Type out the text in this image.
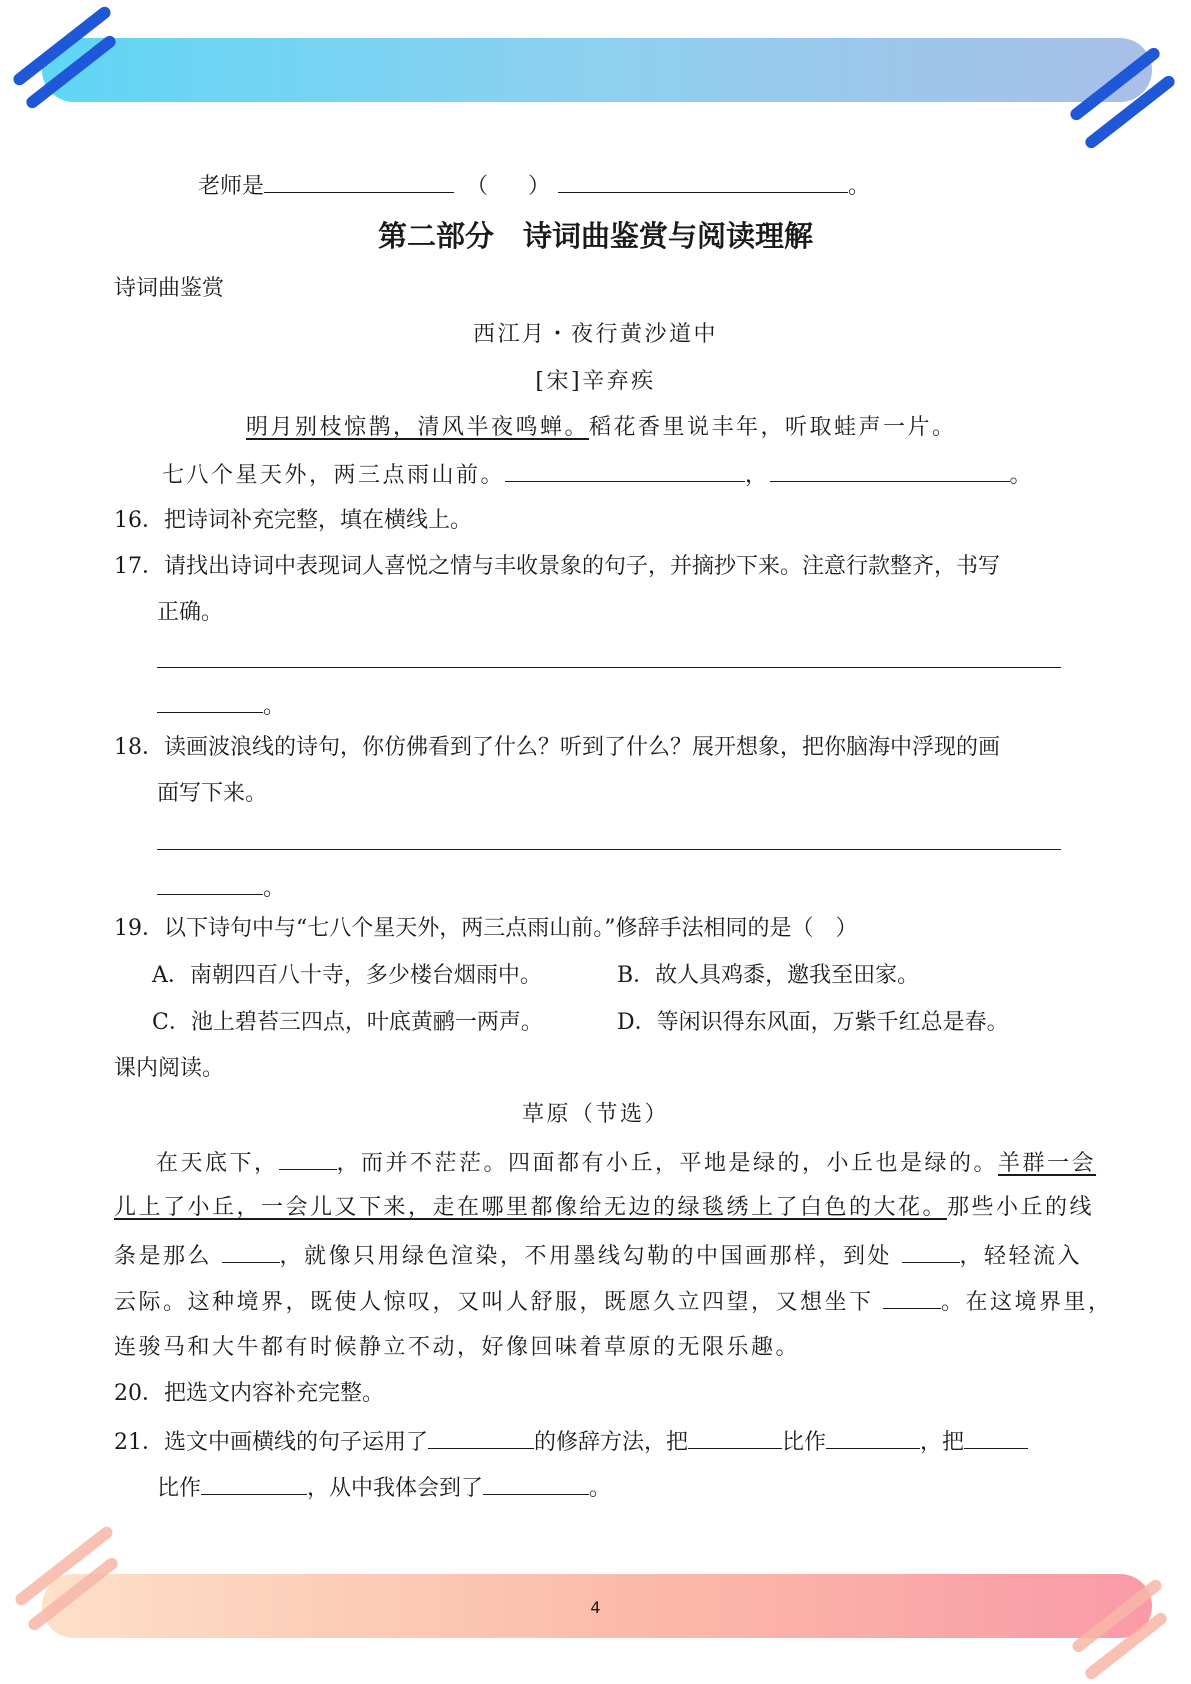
老师是	（ ）	。
第二部分　诗词曲鉴赏与阅读理解
诗词曲鉴赏
西江月・夜行黄沙道中
[宋]辛弃疾
明月别枝惊鹊，清风半夜鸣蝉。稻花香里说丰年，听取蛙声一片。
七八个星天外，两三点雨山前。	，	。
16．把诗词补充完整，填在横线上。
17．请找出诗词中表现词人喜悦之情与丰收景象的句子，并摘抄下来。注意行款整齐，书写
正确。
。
18．读画波浪线的诗句，你仿佛看到了什么？听到了什么？展开想象，把你脑海中浮现的画
面写下来。
。
19．以下诗句中与“七八个星天外，两三点雨山前。”修辞手法相同的是（　）
A．南朝四百八十寺，多少楼台烟雨中。	B．故人具鸡黍，邀我至田家。
C．池上碧苔三四点，叶底黄鹂一两声。	D．等闲识得东风面，万紫千红总是春。
课内阅读。
草原（节选）
在天底下，	，而并不茫茫。四面都有小丘，平地是绿的，小丘也是绿的。羊群一会
儿上了小丘，一会儿又下来，走在哪里都像给无边的绿毯绣上了白色的大花。那些小丘的线
条是那么	，就像只用绿色渲染，不用墨线勾勒的中国画那样，到处	，轻轻流入
云际。这种境界，既使人惊叹，又叫人舒服，既愿久立四望，又想坐下	。在这境界里，
连骏马和大牛都有时候静立不动，好像回味着草原的无限乐趣。
20．把选文内容补充完整。
21．选文中画横线的句子运用了	的修辞方法，把	比作	，把
比作	，从中我体会到了	。
4
